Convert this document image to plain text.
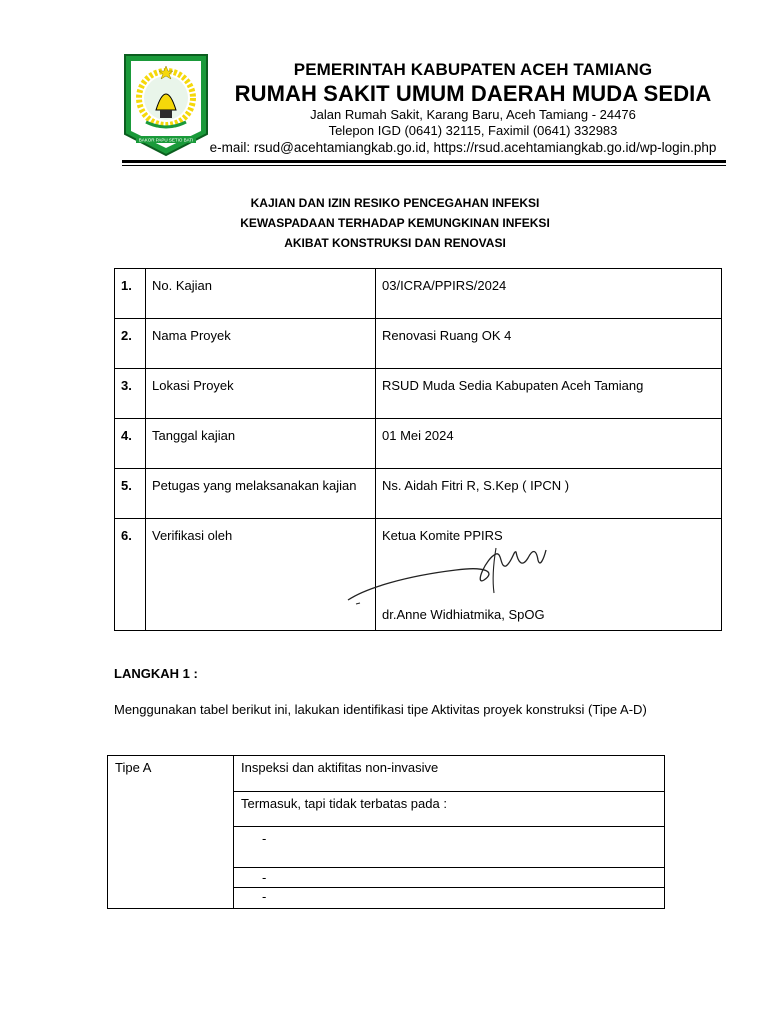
BAKOR PAPU SETIO BATI
PEMERINTAH KABUPATEN ACEH TAMIANG
RUMAH SAKIT UMUM DAERAH MUDA SEDIA
Jalan Rumah Sakit, Karang Baru, Aceh Tamiang - 24476
Telepon IGD (0641) 32115, Faximil (0641) 332983
e-mail: rsud@acehtamiangkab.go.id, https://rsud.acehtamiangkab.go.id/wp-login.php
KAJIAN DAN IZIN RESIKO PENCEGAHAN INFEKSI
KEWASPADAAN TERHADAP KEMUNGKINAN INFEKSI
AKIBAT KONSTRUKSI DAN RENOVASI
1.	No. Kajian	03/ICRA/PPIRS/2024
2.	Nama Proyek	Renovasi Ruang OK 4
3.	Lokasi Proyek	RSUD Muda Sedia Kabupaten Aceh Tamiang
4.	Tanggal kajian	01 Mei 2024
5.	Petugas yang melaksanakan kajian	Ns. Aidah Fitri R, S.Kep ( IPCN )
6.	Verifikasi oleh	Ketua Komite PPIRS
dr.Anne Widhiatmika, SpOG
LANGKAH 1 :
Menggunakan tabel berikut ini, lakukan identifikasi tipe Aktivitas proyek konstruksi (Tipe A-D)
Tipe A	Inspeksi dan aktifitas non-invasive
Termasuk, tapi tidak terbatas pada :
-
-
-
